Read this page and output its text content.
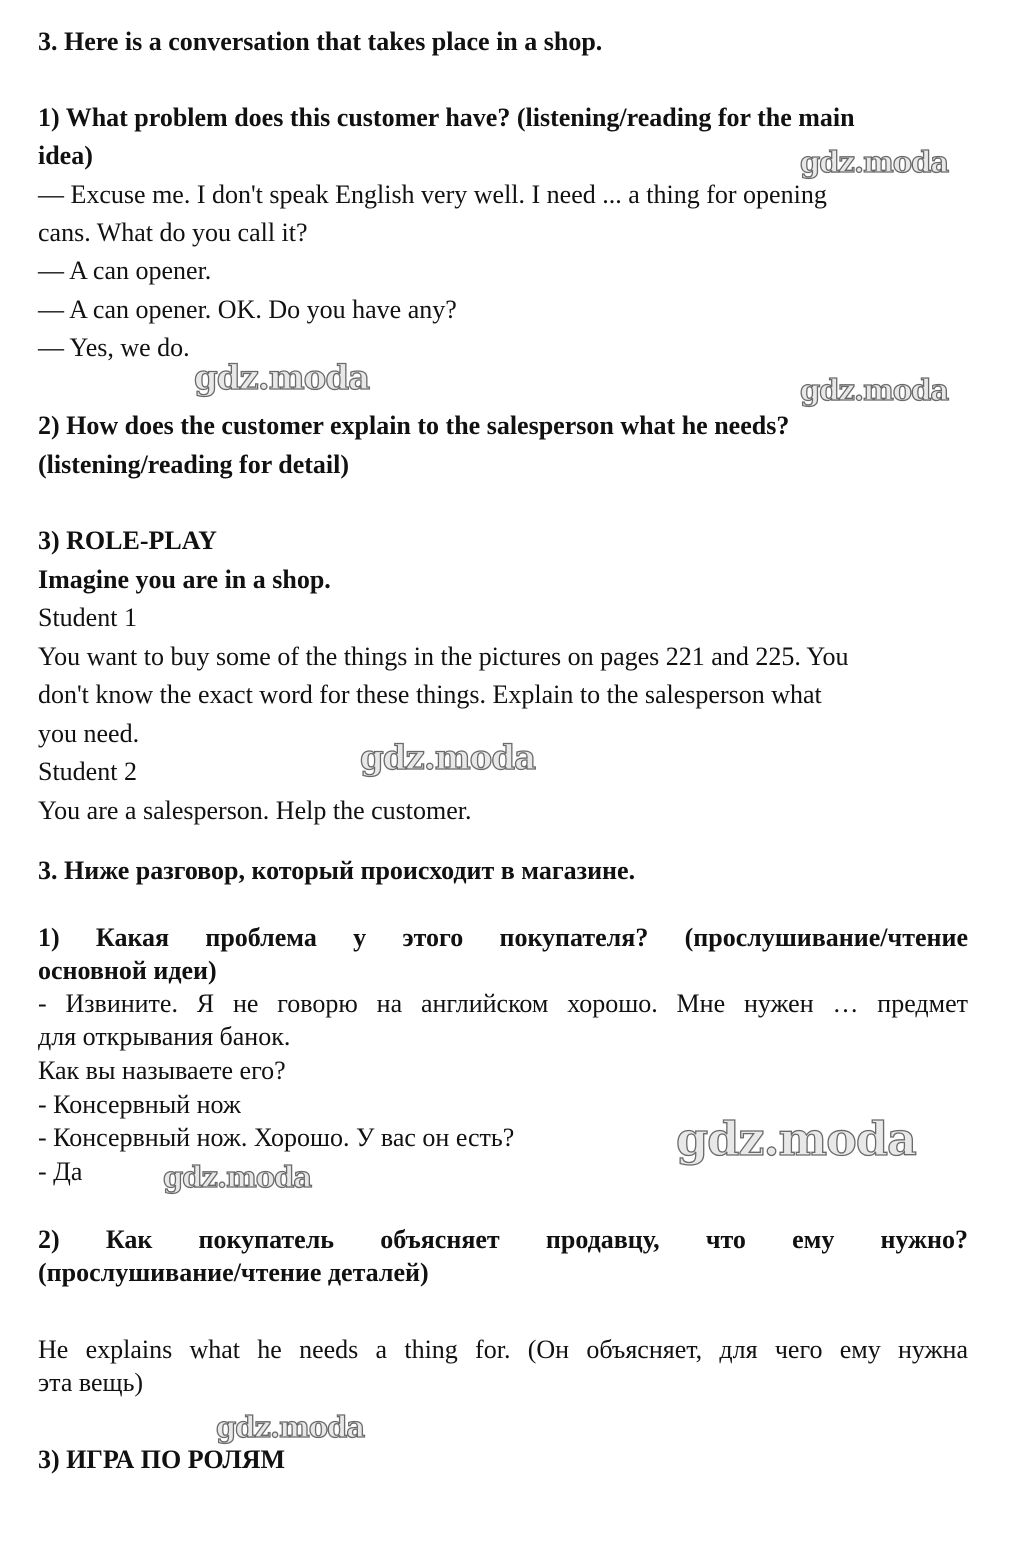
3. Here is a conversation that takes place in a shop.
1) What problem does this customer have? (listening/reading for the main
idea)
— Excuse me. I don't speak English very well. I need ... a thing for opening
cans. What do you call it?
— A can opener.
— A can opener. OK. Do you have any?
— Yes, we do.
2) How does the customer explain to the salesperson what he needs?
(listening/reading for detail)
3) ROLE-PLAY
Imagine you are in a shop.
Student 1
You want to buy some of the things in the pictures on pages 221 and 225. You
don't know the exact word for these things. Explain to the salesperson what
you need.
Student 2
You are a salesperson. Help the customer.
3. Ниже разговор, который происходит в магазине.
1) Какая проблема у этого покупателя? (прослушивание/чтение
основной идеи)
- Извините. Я не говорю на английском хорошо. Мне нужен … предмет
для открывания банок.
Как вы называете его?
- Консервный нож
- Консервный нож. Хорошо. У вас он есть?
- Да
2) Как покупатель объясняет продавцу, что ему нужно?
(прослушивание/чтение деталей)
He explains what he needs a thing for. (Он объясняет, для чего ему нужна
эта вещь)
3) ИГРА ПО РОЛЯМ
gdz.moda
gdz.moda	gdz.moda
gdz.moda
gdz.moda
gdz.moda
gdz.moda
